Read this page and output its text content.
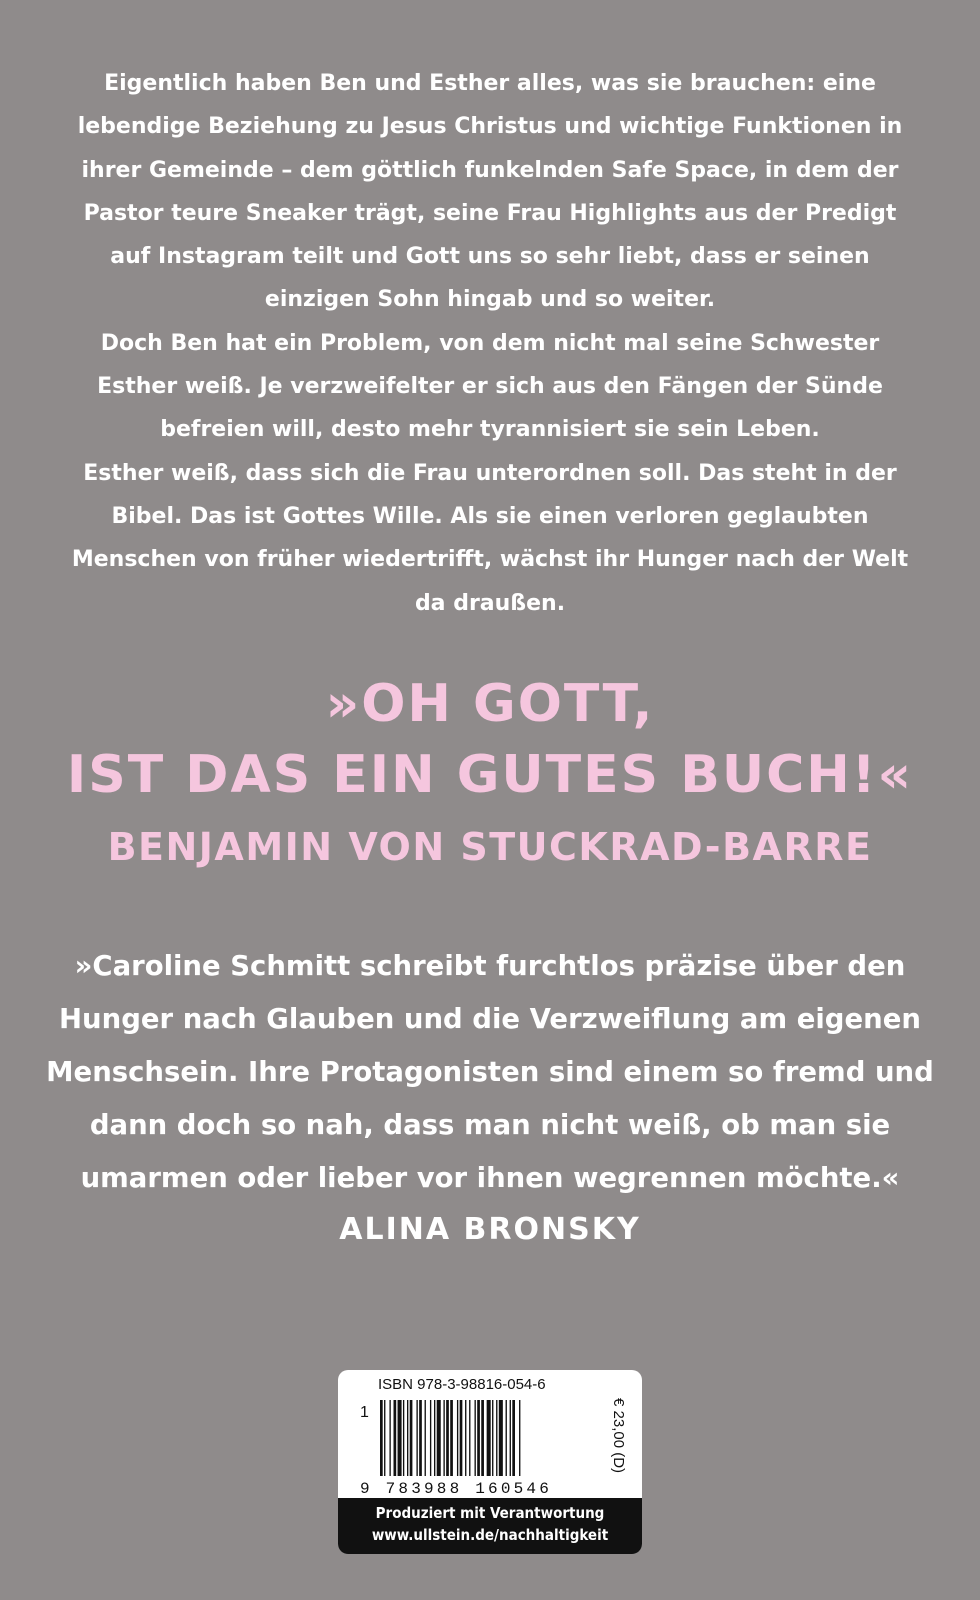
Eigentlich haben Ben und Esther alles, was sie brauchen: eine lebendige Beziehung zu Jesus Christus und wichtige Funktionen in ihrer Gemeinde – dem göttlich funkelnden Safe Space, in dem der Pastor teure Sneaker trägt, seine Frau Highlights aus der Predigt auf Instagram teilt und Gott uns so sehr liebt, dass er seinen einzigen Sohn hingab und so weiter.

Doch Ben hat ein Problem, von dem nicht mal seine Schwester Esther weiß. Je verzweifelter er sich aus den Fängen der Sünde befreien will, desto mehr tyrannisiert sie sein Leben.

Esther weiß, dass sich die Frau unterordnen soll. Das steht in der Bibel. Das ist Gottes Wille. Als sie einen verloren geglaubten Menschen von früher wiedertrifft, wächst ihr Hunger nach der Welt da draußen.

»OH GOTT,
IST DAS EIN GUTES BUCH!«
BENJAMIN VON STUCKRAD-BARRE

»Caroline Schmitt schreibt furchtlos präzise über den Hunger nach Glauben und die Verzweiflung am eigenen Menschsein. Ihre Protagonisten sind einem so fremd und dann doch so nah, dass man nicht weiß, ob man sie umarmen oder lieber vor ihnen wegrennen möchte.«

ALINA BRONSKY
ISBN 978-3-98816-054-6
1
9 783988 160546
€ 23,00 (D)
Produziert mit Verantwortung
www.ullstein.de/nachhaltigkeit
